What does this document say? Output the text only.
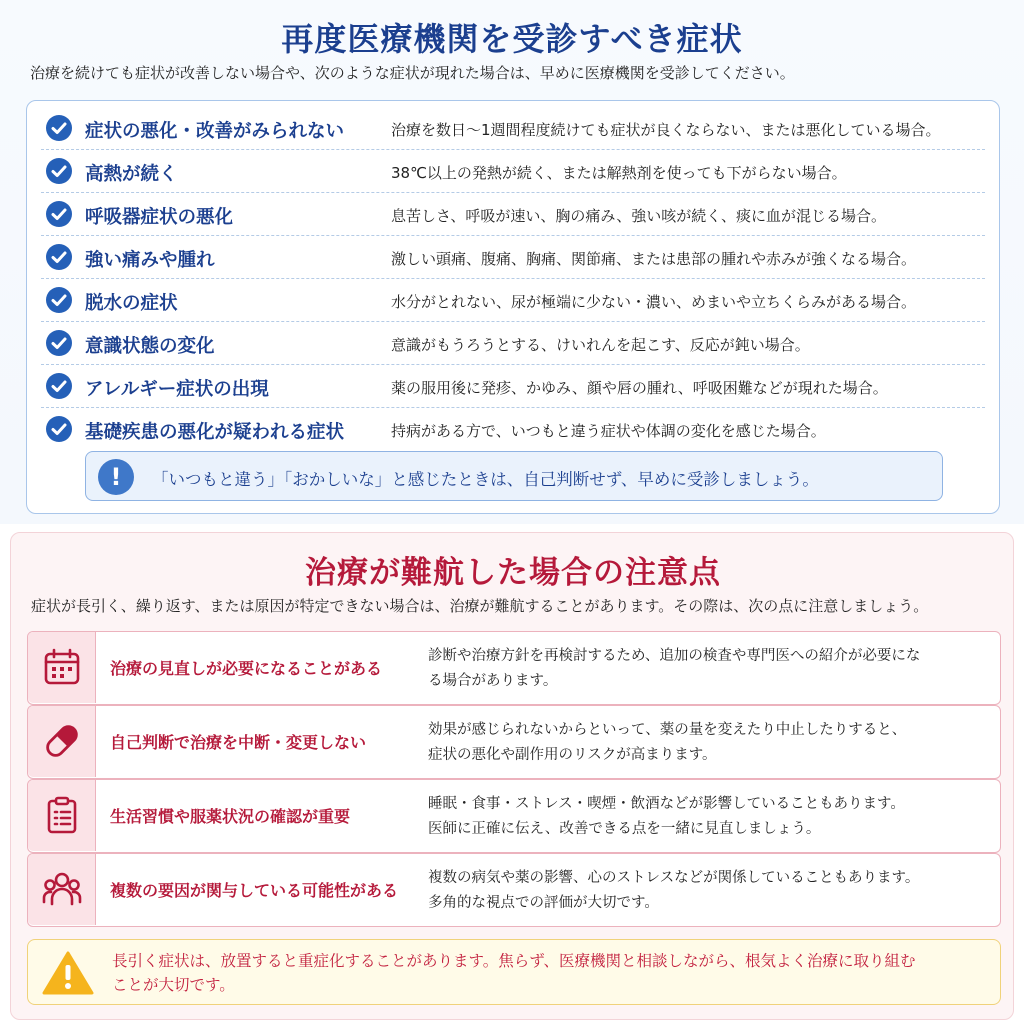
再度医療機関を受診すべき症状

治療を続けても症状が改善しない場合や、次のような症状が現れた場合は、早めに医療機関を受診してください。

症状の悪化・改善がみられない	治療を数日〜1週間程度続けても症状が良くならない、または悪化している場合。
高熱が続く	38℃以上の発熱が続く、または解熱剤を使っても下がらない場合。
呼吸器症状の悪化	息苦しさ、呼吸が速い、胸の痛み、強い咳が続く、痰に血が混じる場合。
強い痛みや腫れ	激しい頭痛、腹痛、胸痛、関節痛、または患部の腫れや赤みが強くなる場合。
脱水の症状	水分がとれない、尿が極端に少ない・濃い、めまいや立ちくらみがある場合。
意識状態の変化	意識がもうろうとする、けいれんを起こす、反応が鈍い場合。
アレルギー症状の出現	薬の服用後に発疹、かゆみ、顔や唇の腫れ、呼吸困難などが現れた場合。
基礎疾患の悪化が疑われる症状	持病がある方で、いつもと違う症状や体調の変化を感じた場合。
!	「いつもと違う」「おかしいな」と感じたときは、自己判断せず、早めに受診しましょう。
治療が難航した場合の注意点

症状が長引く、繰り返す、または原因が特定できない場合は、治療が難航することがあります。その際は、次の点に注意しましょう。

治療の見直しが必要になることがある
診断や治療方針を再検討するため、追加の検査や専門医への紹介が必要にな
る場合があります。
自己判断で治療を中断・変更しない
効果が感じられないからといって、薬の量を変えたり中止したりすると、
症状の悪化や副作用のリスクが高まります。
生活習慣や服薬状況の確認が重要
睡眠・食事・ストレス・喫煙・飲酒などが影響していることもあります。
医師に正確に伝え、改善できる点を一緒に見直しましょう。
複数の要因が関与している可能性がある
複数の病気や薬の影響、心のストレスなどが関係していることもあります。
多角的な視点での評価が大切です。
長引く症状は、放置すると重症化することがあります。焦らず、医療機関と相談しながら、根気よく治療に取り組む
ことが大切です。
